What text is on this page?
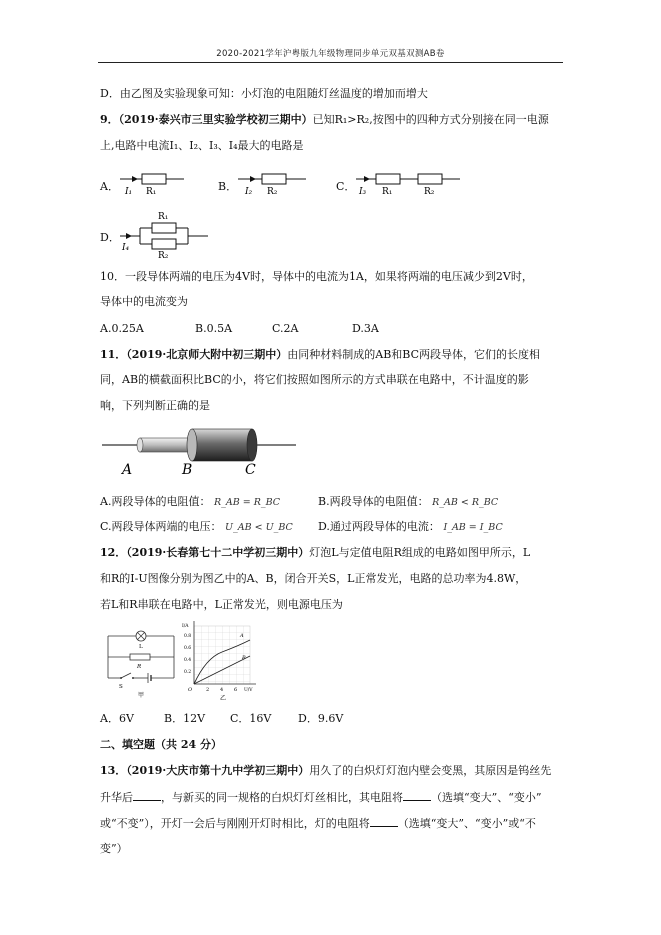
2020-2021学年沪粤版九年级物理同步单元双基双测AB卷
D．由乙图及实验现象可知：小灯泡的电阻随灯丝温度的增加而增大
9．（2019·泰兴市三里实验学校初三期中）已知R₁>R₂,按图中的四种方式分别接在同一电源
上,电路中电流I₁、I₂、I₃、I₄最大的电路是
A． I₁ R₁	B． I₂ R₂	C． I₃ R₁	R₂
D．
I₄
R₁
R₂
10．一段导体两端的电压为4V时，导体中的电流为1A，如果将两端的电压减少到2V时，
导体中的电流变为
A.0.25A	B.0.5A	C.2A	D.3A
11．（2019·北京师大附中初三期中）由同种材料制成的AB和BC两段导体，它们的长度相
同，AB的横截面积比BC的小，将它们按照如图所示的方式串联在电路中，不计温度的影
响，下列判断正确的是
A	B	C
A.两段导体的电阻值： R_AB = R_BC	B.两段导体的电阻值： R_AB < R_BC
C.两段导体两端的电压： U_AB < U_BC D.通过两段导体的电流： I_AB = I_BC
12．（2019·长春第七十二中学初三期中）灯泡L与定值电阻R组成的电路如图甲所示，L
和R的I-U图像分别为图乙中的A、B，闭合开关S，L正常发光，电路的总功率为4.8W，
若L和R串联在电路中，L正常发光，则电源电压为
L
R
S
甲
I/A
0.8
0.6
0.4
0.2
O	2 4 6 U/V
A
B
乙
A．6V	B．12V C．16V D．9.6V
二、填空题（共 24 分）
13．（2019·大庆市第十九中学初三期中）用久了的白炽灯灯泡内壁会变黑，其原因是钨丝先
升华后	，与新买的同一规格的白炽灯灯丝相比，其电阻将	（选填“变大”、“变小”
或“不变”），开灯一会后与刚刚开灯时相比，灯的电阻将	（选填“变大”、“变小”或“不
变”）
